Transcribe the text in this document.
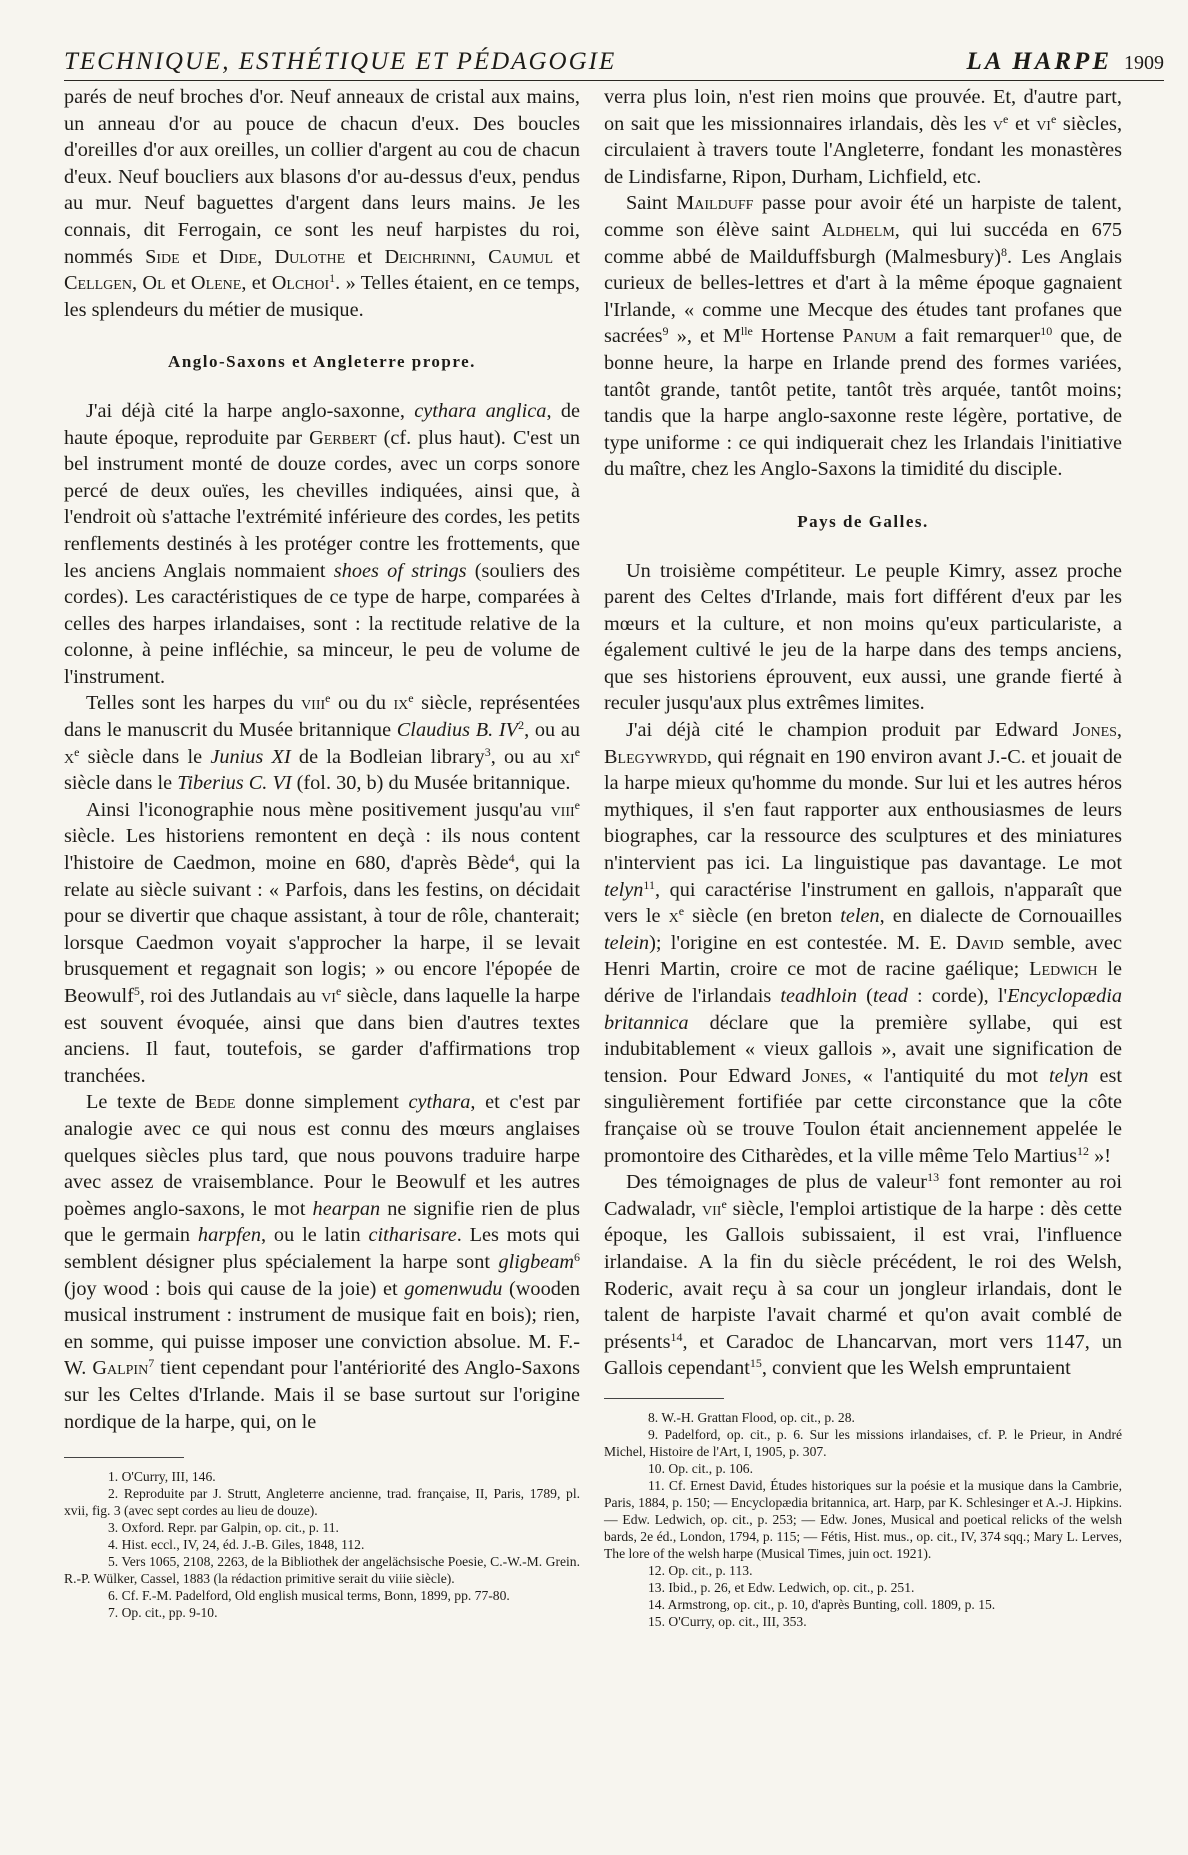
TECHNIQUE, ESTHÉTIQUE ET PÉDAGOGIE	LA HARPE 1909

parés de neuf broches d'or. Neuf anneaux de cristal aux mains, un anneau d'or au pouce de chacun d'eux. Des boucles d'oreilles d'or aux oreilles, un collier d'argent au cou de chacun d'eux. Neuf boucliers aux blasons d'or au-dessus d'eux, pendus au mur. Neuf baguettes d'argent dans leurs mains. Je les connais, dit Ferrogain, ce sont les neuf harpistes du roi, nommés Side et Dide, Dulothe et Deichrinni, Caumul et Cellgen, Ol et Olene, et Olchoi$^1$. » Telles étaient, en ce temps, les splendeurs du métier de musique.

Anglo-Saxons et Angleterre propre.

J'ai déjà cité la harpe anglo-saxonne, cythara anglica, de haute époque, reproduite par Gerbert (cf. plus haut). C'est un bel instrument monté de douze cordes, avec un corps sonore percé de deux ouïes, les chevilles indiquées, ainsi que, à l'endroit où s'attache l'extrémité inférieure des cordes, les petits renflements destinés à les protéger contre les frottements, que les anciens Anglais nommaient shoes of strings (souliers des cordes). Les caractéristiques de ce type de harpe, comparées à celles des harpes irlandaises, sont : la rectitude relative de la colonne, à peine infléchie, sa minceur, le peu de volume de l'instrument.

Telles sont les harpes du viii$^e$ ou du $ix^e$ siècle, représentées dans le manuscrit du Musée britannique Claudius B. $IV^2$, ou au $x^e$ siècle dans le Junius XI de la Bodleian library$^3$, ou au $xi^e$ siècle dans le Tiberius C. VI (fol. 30, b) du Musée britannique.

Ainsi l'iconographie nous mène positivement jusqu'au viii$^e$ siècle. Les historiens remontent en deçà : ils nous content l'histoire de Caedmon, moine en 680, d'après Bède$^4$, qui la relate au siècle suivant : « Parfois, dans les festins, on décidait pour se divertir que chaque assistant, à tour de rôle, chanterait; lorsque Caedmon voyait s'approcher la harpe, il se levait brusquement et regagnait son logis; » ou encore l'épopée de Beowulf$^5$, roi des Jutlandais au $vi^e$ siècle, dans laquelle la harpe est souvent évoquée, ainsi que dans bien d'autres textes anciens. Il faut, toutefois, se garder d'affirmations trop tranchées.

Le texte de Bede donne simplement cythara, et c'est par analogie avec ce qui nous est connu des mœurs anglaises quelques siècles plus tard, que nous pouvons traduire harpe avec assez de vraisemblance. Pour le Beowulf et les autres poèmes anglo-saxons, le mot hearpan ne signifie rien de plus que le germain harpfen, ou le latin citharisare. Les mots qui semblent désigner plus spécialement la harpe sont gligbeam$^6$ (joy wood : bois qui cause de la joie) et gomenwudu (wooden musical instrument : instrument de musique fait en bois); rien, en somme, qui puisse imposer une conviction absolue. M. F.-W. Galpin$^7$ tient cependant pour l'antériorité des Anglo-Saxons sur les Celtes d'Irlande. Mais il se base surtout sur l'origine nordique de la harpe, qui, on le

1. O'Curry, III, 146.

2. Reproduite par J. Strutt, Angleterre ancienne, trad. française, II, Paris, 1789, pl. xvii, fig. 3 (avec sept cordes au lieu de douze).

3. Oxford. Repr. par Galpin, op. cit., p. 11.

4. Hist. eccl., IV, 24, éd. J.-B. Giles, 1848, 112.

5. Vers 1065, 2108, 2263, de la Bibliothek der angelächsische Poesie, C.-W.-M. Grein. R.-P. Wülker, Cassel, 1883 (la rédaction primitive serait du viiie siècle).

6. Cf. F.-M. Padelford, Old english musical terms, Bonn, 1899, pp. 77-80.

7. Op. cit., pp. 9-10.

verra plus loin, n'est rien moins que prouvée. Et, d'autre part, on sait que les missionnaires irlandais, dès les $v^e$ et $vi^e$ siècles, circulaient à travers toute l'Angleterre, fondant les monastères de Lindisfarne, Ripon, Durham, Lichfield, etc.

Saint Mailduff passe pour avoir été un harpiste de talent, comme son élève saint Aldhelm, qui lui succéda en 675 comme abbé de Mailduffsburgh (Malmesbury)$^8$. Les Anglais curieux de belles-lettres et d'art à la même époque gagnaient l'Irlande, « comme une Mecque des études tant profanes que sacrées$^9$ », et $M^{lle}$ Hortense Panum a fait remarquer$^{10}$ que, de bonne heure, la harpe en Irlande prend des formes variées, tantôt grande, tantôt petite, tantôt très arquée, tantôt moins; tandis que la harpe anglo-saxonne reste légère, portative, de type uniforme : ce qui indiquerait chez les Irlandais l'initiative du maître, chez les Anglo-Saxons la timidité du disciple.

Pays de Galles.

Un troisième compétiteur. Le peuple Kimry, assez proche parent des Celtes d'Irlande, mais fort différent d'eux par les mœurs et la culture, et non moins qu'eux particulariste, a également cultivé le jeu de la harpe dans des temps anciens, que ses historiens éprouvent, eux aussi, une grande fierté à reculer jusqu'aux plus extrêmes limites.

J'ai déjà cité le champion produit par Edward Jones, Blegywrydd, qui régnait en 190 environ avant J.-C. et jouait de la harpe mieux qu'homme du monde. Sur lui et les autres héros mythiques, il s'en faut rapporter aux enthousiasmes de leurs biographes, car la ressource des sculptures et des miniatures n'intervient pas ici. La linguistique pas davantage. Le mot telyn$^{11}$, qui caractérise l'instrument en gallois, n'apparaît que vers le $x^e$ siècle (en breton telen, en dialecte de Cornouailles telein); l'origine en est contestée. M. E. David semble, avec Henri Martin, croire ce mot de racine gaélique; Ledwich le dérive de l'irlandais teadhloin (tead : corde), l'Encyclopædia britannica déclare que la première syllabe, qui est indubitablement « vieux gallois », avait une signification de tension. Pour Edward Jones, « l'antiquité du mot telyn est singulièrement fortifiée par cette circonstance que la côte française où se trouve Toulon était anciennement appelée le promontoire des Citharèdes, et la ville même Telo Martius$^{12}$ »!

Des témoignages de plus de valeur$^{13}$ font remonter au roi Cadwaladr, vii$^e$ siècle, l'emploi artistique de la harpe : dès cette époque, les Gallois subissaient, il est vrai, l'influence irlandaise. A la fin du siècle précédent, le roi des Welsh, Roderic, avait reçu à sa cour un jongleur irlandais, dont le talent de harpiste l'avait charmé et qu'on avait comblé de présents$^{14}$, et Caradoc de Lhancarvan, mort vers 1147, un Gallois cependant$^{15}$, convient que les Welsh empruntaient

8. W.-H. Grattan Flood, op. cit., p. 28.

9. Padelford, op. cit., p. 6. Sur les missions irlandaises, cf. P. le Prieur, in André Michel, Histoire de l'Art, I, 1905, p. 307.

10. Op. cit., p. 106.

11. Cf. Ernest David, Études historiques sur la poésie et la musique dans la Cambrie, Paris, 1884, p. 150; — Encyclopædia britannica, art. Harp, par K. Schlesinger et A.-J. Hipkins. — Edw. Ledwich, op. cit., p. 253; — Edw. Jones, Musical and poetical relicks of the welsh bards, 2e éd., London, 1794, p. 115; — Fétis, Hist. mus., op. cit., IV, 374 sqq.; Mary L. Lerves, The lore of the welsh harpe (Musical Times, juin oct. 1921).

12. Op. cit., p. 113.

13. Ibid., p. 26, et Edw. Ledwich, op. cit., p. 251.

14. Armstrong, op. cit., p. 10, d'après Bunting, coll. 1809, p. 15.

15. O'Curry, op. cit., III, 353.
